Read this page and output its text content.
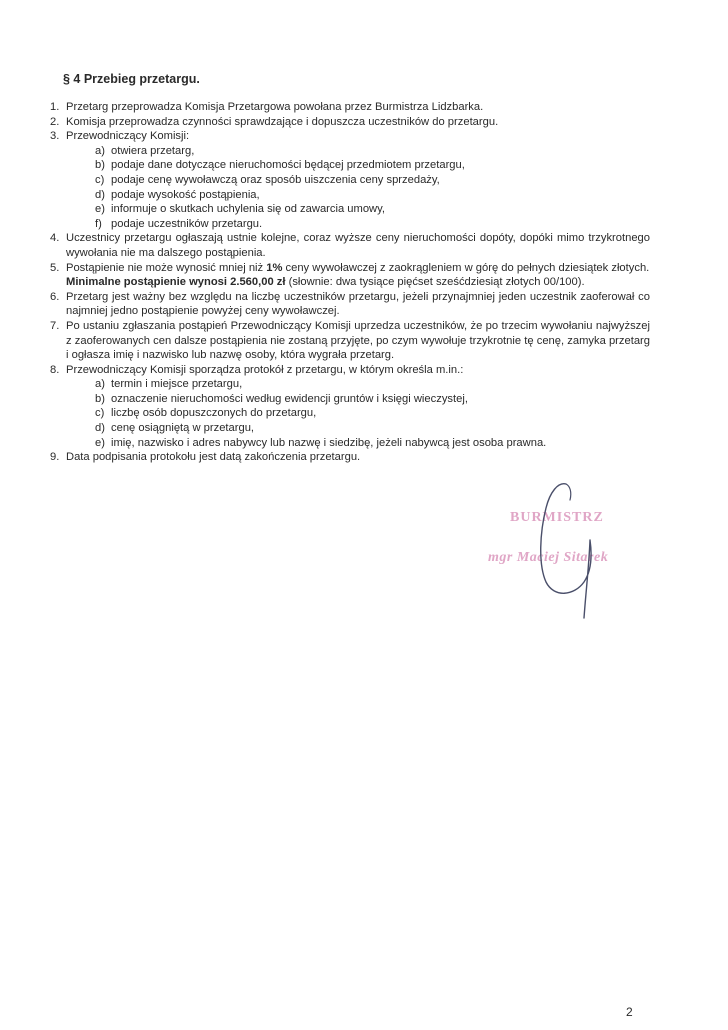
§ 4 Przebieg przetargu.

1. Przetarg przeprowadza Komisja Przetargowa powołana przez Burmistrza Lidzbarka.
2. Komisja przeprowadza czynności sprawdzające i dopuszcza uczestników do przetargu.
3. Przewodniczący Komisji:
a) otwiera przetarg,
b) podaje dane dotyczące nieruchomości będącej przedmiotem przetargu,
c) podaje cenę wywoławczą oraz sposób uiszczenia ceny sprzedaży,
d) podaje wysokość postąpienia,
e) informuje o skutkach uchylenia się od zawarcia umowy,
f) podaje uczestników przetargu.
4. Uczestnicy przetargu ogłaszają ustnie kolejne, coraz wyższe ceny nieruchomości dopóty, dopóki mimo trzykrotnego wywołania nie ma dalszego postąpienia.
5. Postąpienie nie może wynosić mniej niż 1% ceny wywoławczej z zaokrągleniem w górę do pełnych dziesiątek złotych.
Minimalne postąpienie wynosi 2.560,00 zł (słownie: dwa tysiące pięćset sześćdziesiąt złotych 00/100).
6. Przetarg jest ważny bez względu na liczbę uczestników przetargu, jeżeli przynajmniej jeden uczestnik zaoferował co najmniej jedno postąpienie powyżej ceny wywoławczej.
7. Po ustaniu zgłaszania postąpień Przewodniczący Komisji uprzedza uczestników, że po trzecim wywołaniu najwyższej z zaoferowanych cen dalsze postąpienia nie zostaną przyjęte, po czym wywołuje trzykrotnie tę cenę, zamyka przetarg i ogłasza imię i nazwisko lub nazwę osoby, która wygrała przetarg.
8. Przewodniczący Komisji sporządza protokół z przetargu, w którym określa m.in.:
a) termin i miejsce przetargu,
b) oznaczenie nieruchomości według ewidencji gruntów i księgi wieczystej,
c) liczbę osób dopuszczonych do przetargu,
d) cenę osiągniętą w przetargu,
e) imię, nazwisko i adres nabywcy lub nazwę i siedzibę, jeżeli nabywcą jest osoba prawna.
9. Data podpisania protokołu jest datą zakończenia przetargu.
BURMISTRZ
mgr Maciej Sitarek
2
